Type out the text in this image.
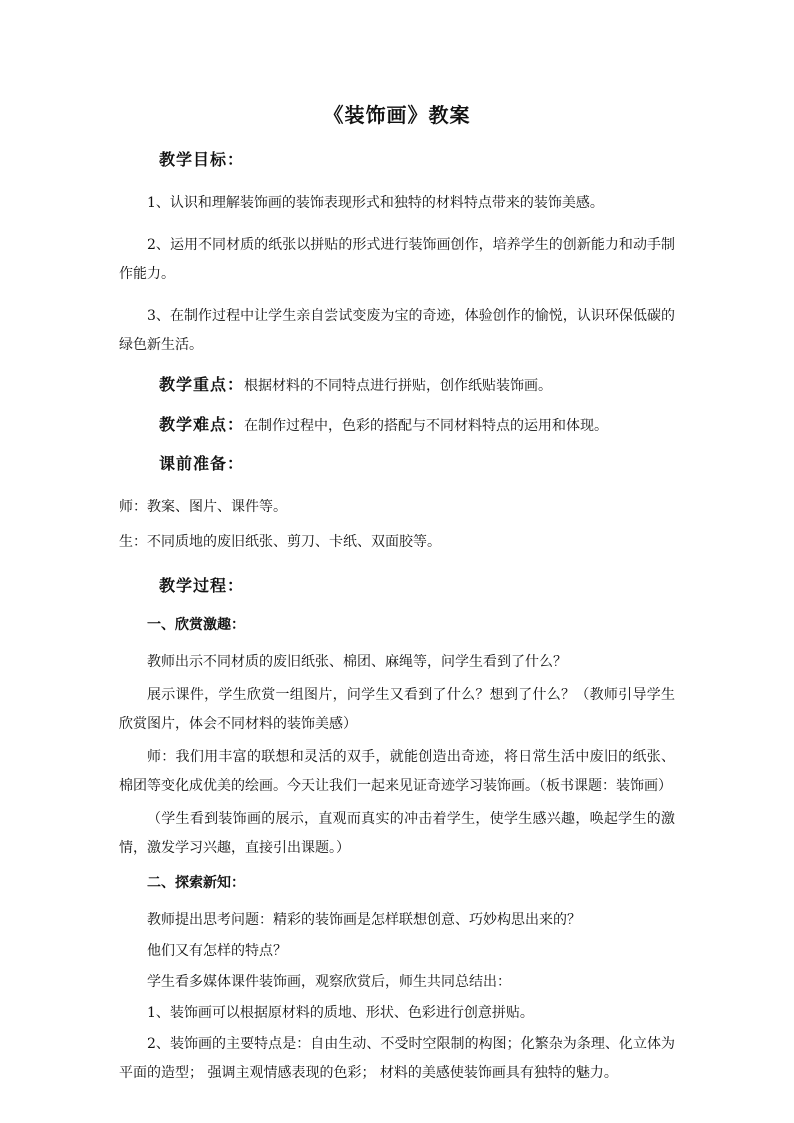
《装饰画》教案
教学目标：
1、认识和理解装饰画的装饰表现形式和独特的材料特点带来的装饰美感。
2、运用不同材质的纸张以拼贴的形式进行装饰画创作，培养学生的创新能力和动手制作能力。
3、在制作过程中让学生亲自尝试变废为宝的奇迹，体验创作的愉悦，认识环保低碳的绿色新生活。
教学重点：根据材料的不同特点进行拼贴，创作纸贴装饰画。
教学难点：在制作过程中，色彩的搭配与不同材料特点的运用和体现。
课前准备：
师：教案、图片、课件等。
生：不同质地的废旧纸张、剪刀、卡纸、双面胶等。
教学过程：
一、欣赏激趣：
教师出示不同材质的废旧纸张、棉团、麻绳等，问学生看到了什么？
展示课件，学生欣赏一组图片，问学生又看到了什么？想到了什么？（教师引导学生欣赏图片，体会不同材料的装饰美感）
师：我们用丰富的联想和灵活的双手，就能创造出奇迹，将日常生活中废旧的纸张、棉团等变化成优美的绘画。今天让我们一起来见证奇迹学习装饰画。（板书课题：装饰画）
（学生看到装饰画的展示，直观而真实的冲击着学生，使学生感兴趣，唤起学生的激情，激发学习兴趣，直接引出课题。）
二、探索新知：
教师提出思考问题：精彩的装饰画是怎样联想创意、巧妙构思出来的？
他们又有怎样的特点？
学生看多媒体课件装饰画，观察欣赏后，师生共同总结出：
1、装饰画可以根据原材料的质地、形状、色彩进行创意拼贴。
2、装饰画的主要特点是：自由生动、不受时空限制的构图；化繁杂为条理、化立体为平面的造型； 强调主观情感表现的色彩； 材料的美感使装饰画具有独特的魅力。
